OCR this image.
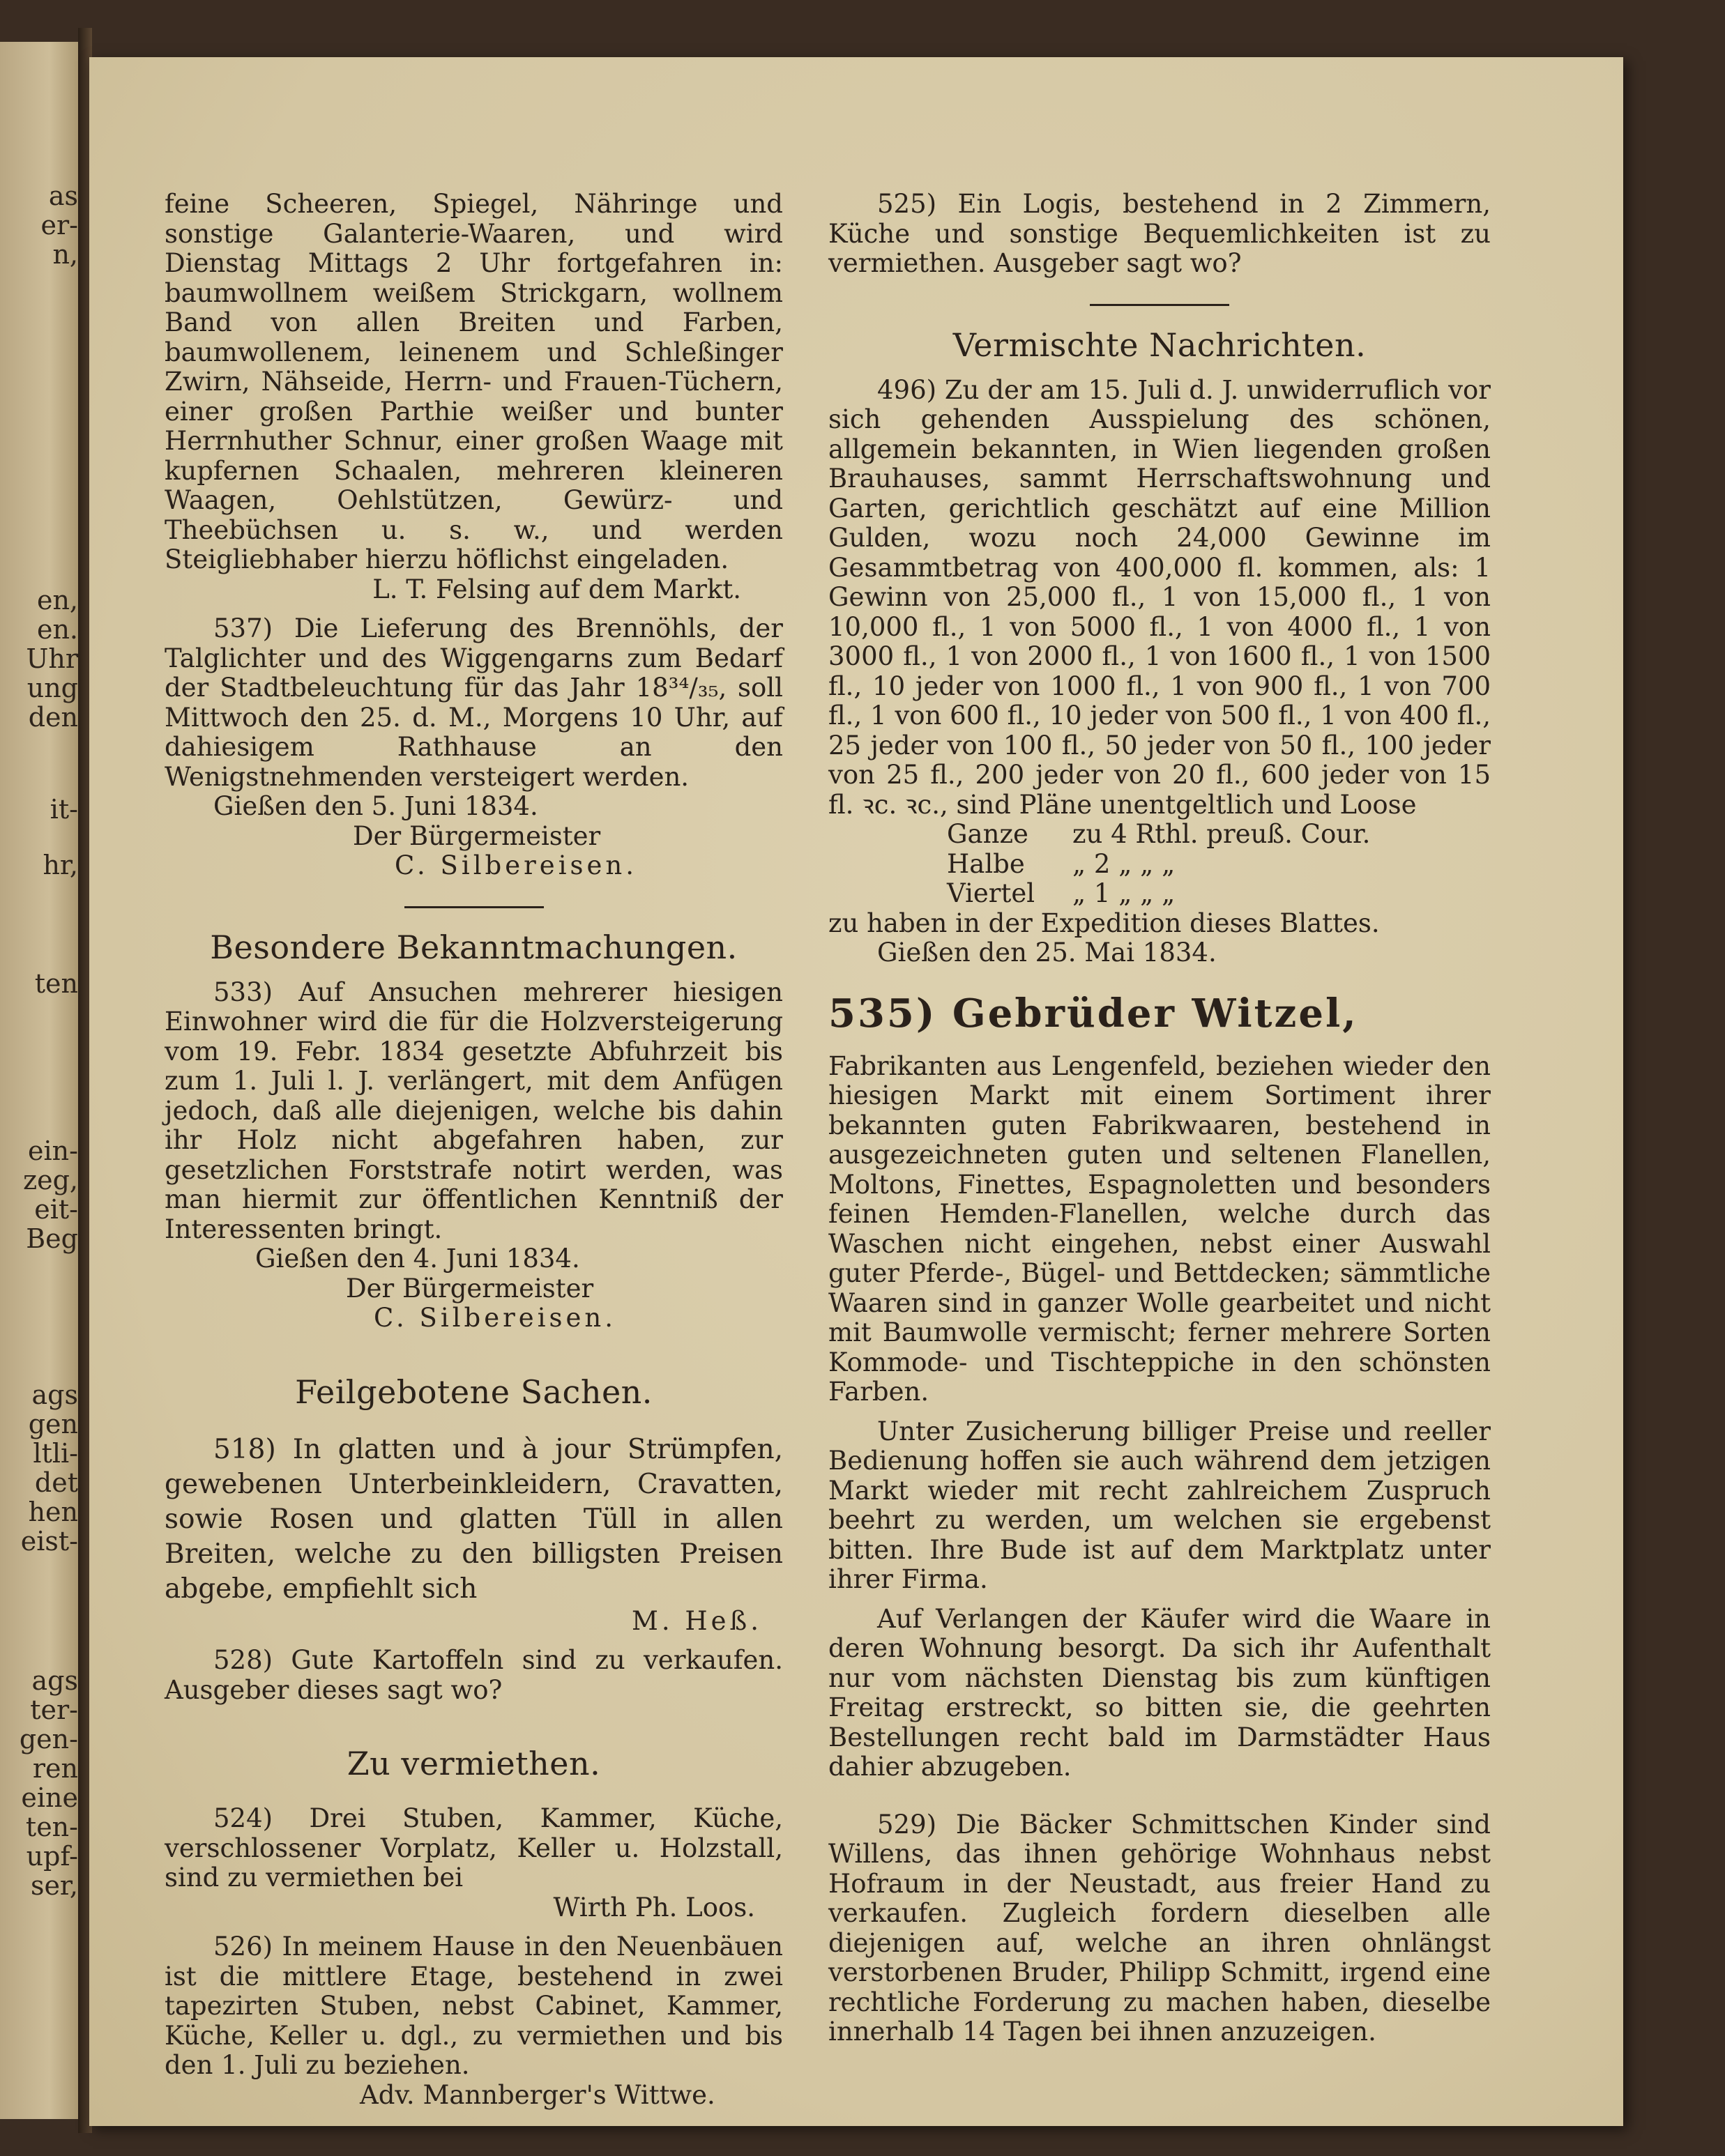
as
er-
n,
en,
en.
Uhr
ung
den
it-
hr,
ten
ein-
zeg,
eit-
Beg
ags
gen
ltli-
det
hen
eist-
ags
ter-
gen-
ren
eine
ten-
upf-
ser,

feine Scheeren, Spiegel, Nähringe und sonstige Galanterie-Waaren, und wird Dienstag Mittags 2 Uhr fortgefahren in: baumwollnem weißem Strickgarn, wollnem Band von allen Breiten und Farben, baumwollenem, leinenem und Schleßinger Zwirn, Nähseide, Herrn- und Frauen-Tüchern, einer großen Parthie weißer und bunter Herrnhuther Schnur, einer großen Waage mit kupfernen Schaalen, mehreren kleineren Waagen, Oehlstützen, Gewürz- und Theebüchsen u. s. w., und werden Steigliebhaber hierzu höflichst eingeladen.

L. T. Felsing auf dem Markt.

537) Die Lieferung des Brennöhls, der Talglichter und des Wiggengarns zum Bedarf der Stadtbeleuchtung für das Jahr 18³⁴/₃₅, soll Mittwoch den 25. d. M., Morgens 10 Uhr, auf dahiesigem Rathhause an den Wenigstnehmenden versteigert werden.

Gießen den 5. Juni 1834.

Der Bürgermeister
C. Silbereisen.
Besondere Bekanntmachungen.

533) Auf Ansuchen mehrerer hiesigen Einwohner wird die für die Holzversteigerung vom 19. Febr. 1834 gesetzte Abfuhrzeit bis zum 1. Juli l. J. verlängert, mit dem Anfügen jedoch, daß alle diejenigen, welche bis dahin ihr Holz nicht abgefahren haben, zur gesetzlichen Forststrafe notirt werden, was man hiermit zur öffentlichen Kenntniß der Interessenten bringt.

Gießen den 4. Juni 1834.
Der Bürgermeister
C. Silbereisen.
Feilgebotene Sachen.

518) In glatten und à jour Strümpfen, gewebenen Unterbeinkleidern, Cravatten, sowie Rosen und glatten Tüll in allen Breiten, welche zu den billigsten Preisen abgebe, empfiehlt sich

M. Heß.

528) Gute Kartoffeln sind zu verkaufen. Ausgeber dieses sagt wo?

Zu vermiethen.

524) Drei Stuben, Kammer, Küche, verschlossener Vorplatz, Keller u. Holzstall, sind zu vermiethen bei

Wirth Ph. Loos.

526) In meinem Hause in den Neuenbäuen ist die mittlere Etage, bestehend in zwei tapezirten Stuben, nebst Cabinet, Kammer, Küche, Keller u. dgl., zu vermiethen und bis den 1. Juli zu beziehen.

Adv. Mannberger's Wittwe.

525) Ein Logis, bestehend in 2 Zimmern, Küche und sonstige Bequemlichkeiten ist zu vermiethen. Ausgeber sagt wo?

Vermischte Nachrichten.

496) Zu der am 15. Juli d. J. unwiderruflich vor sich gehenden Ausspielung des schönen, allgemein bekannten, in Wien liegenden großen Brauhauses, sammt Herrschaftswohnung und Garten, gerichtlich geschätzt auf eine Million Gulden, wozu noch 24,000 Gewinne im Gesammtbetrag von 400,000 fl. kommen, als: 1 Gewinn von 25,000 fl., 1 von 15,000 fl., 1 von 10,000 fl., 1 von 5000 fl., 1 von 4000 fl., 1 von 3000 fl., 1 von 2000 fl., 1 von 1600 fl., 1 von 1500 fl., 10 jeder von 1000 fl., 1 von 900 fl., 1 von 700 fl., 1 von 600 fl., 10 jeder von 500 fl., 1 von 400 fl., 25 jeder von 100 fl., 50 jeder von 50 fl., 100 jeder von 25 fl., 200 jeder von 20 fl., 600 jeder von 15 fl. ꝛc. ꝛc., sind Pläne unentgeltlich und Loose

Ganze	zu 4 Rthl. preuß. Cour.
Halbe	„ 2 „ „ „
Viertel	„ 1 „ „ „
zu haben in der Expedition dieses Blattes.
Gießen den 25. Mai 1834.
535) Gebrüder Witzel,

Fabrikanten aus Lengenfeld, beziehen wieder den hiesigen Markt mit einem Sortiment ihrer bekannten guten Fabrikwaaren, bestehend in ausgezeichneten guten und seltenen Flanellen, Moltons, Finettes, Espagnoletten und besonders feinen Hemden-Flanellen, welche durch das Waschen nicht eingehen, nebst einer Auswahl guter Pferde-, Bügel- und Bettdecken; sämmtliche Waaren sind in ganzer Wolle gearbeitet und nicht mit Baumwolle vermischt; ferner mehrere Sorten Kommode- und Tischteppiche in den schönsten Farben.

Unter Zusicherung billiger Preise und reeller Bedienung hoffen sie auch während dem jetzigen Markt wieder mit recht zahlreichem Zuspruch beehrt zu werden, um welchen sie ergebenst bitten. Ihre Bude ist auf dem Marktplatz unter ihrer Firma.

Auf Verlangen der Käufer wird die Waare in deren Wohnung besorgt. Da sich ihr Aufenthalt nur vom nächsten Dienstag bis zum künftigen Freitag erstreckt, so bitten sie, die geehrten Bestellungen recht bald im Darmstädter Haus dahier abzugeben.

529) Die Bäcker Schmittschen Kinder sind Willens, das ihnen gehörige Wohnhaus nebst Hofraum in der Neustadt, aus freier Hand zu verkaufen. Zugleich fordern dieselben alle diejenigen auf, welche an ihren ohnlängst verstorbenen Bruder, Philipp Schmitt, irgend eine rechtliche Forderung zu machen haben, dieselbe innerhalb 14 Tagen bei ihnen anzuzeigen.
